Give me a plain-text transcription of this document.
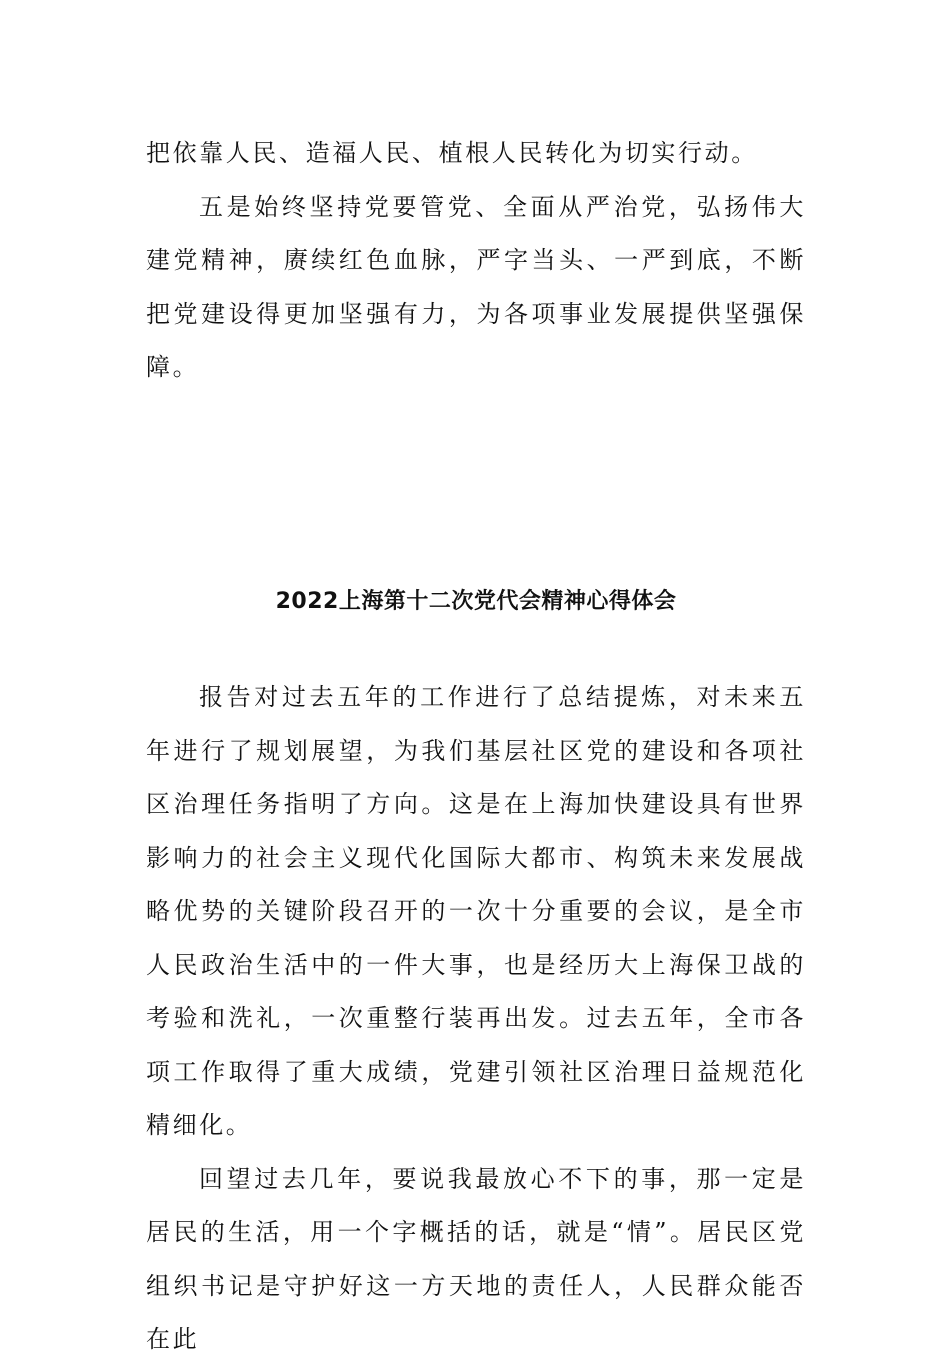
把依靠人民、造福人民、植根人民转化为切实行动。

五是始终坚持党要管党、全面从严治党，弘扬伟大建党精神，赓续红色血脉，严字当头、一严到底，不断把党建设得更加坚强有力，为各项事业发展提供坚强保障。

2022上海第十二次党代会精神心得体会

报告对过去五年的工作进行了总结提炼，对未来五年进行了规划展望，为我们基层社区党的建设和各项社区治理任务指明了方向。这是在上海加快建设具有世界影响力的社会主义现代化国际大都市、构筑未来发展战略优势的关键阶段召开的一次十分重要的会议，是全市人民政治生活中的一件大事，也是经历大上海保卫战的考验和洗礼，一次重整行装再出发。过去五年，全市各项工作取得了重大成绩，党建引领社区治理日益规范化精细化。

回望过去几年，要说我最放心不下的事，那一定是居民的生活，用一个字概括的话，就是“情”。居民区党组织书记是守护好这一方天地的责任人，人民群众能否在此
